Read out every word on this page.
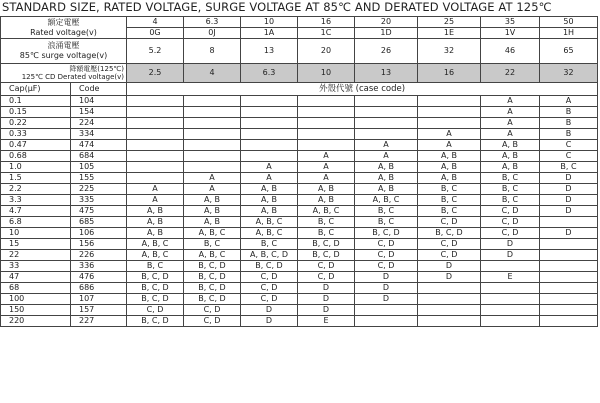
STANDARD SIZE, RATED VOLTAGE, SURGE VOLTAGE AT 85℃ AND DERATED VOLTAGE AT 125℃
額定電壓
Rated voltage(v)		4	6.3	10	16	20	25	35	50
		0G	0J	1A	1C	1D	1E	1V	1H

浪涌電壓
85℃ surge voltage(v)		5.2	8	13	20	26	32	46	65

降額電壓(125℃)
125℃ CD Derated voltage(v)		2.5	4	6.3	10	13	16	22	32
Cap(μF)	Code	外殼代號 (case code)							
0.1	104							A	A
0.15	154							A	B
0.22	224							A	B
0.33	334						A	A	B
0.47	474					A	A	A, B	C
0.68	684				A	A	A, B	A, B	C
1.0	105			A	A	A, B	A, B	A, B	B, C
1.5	155		A	A	A	A, B	A, B	B, C	D
2.2	225	A	A	A, B	A, B	A, B	B, C	B, C	D
3.3	335	A	A, B	A, B	A, B	A, B, C	B, C	B, C	D
4.7	475	A, B	A, B	A, B	A, B, C	B, C	B, C	C, D	D
6.8	685	A, B	A, B	A, B, C	B, C	B, C	C, D	C, D	
10	106	A, B	A, B, C	A, B, C	B, C	B, C, D	B, C, D	C, D	D
15	156	A, B, C	B, C	B, C	B, C, D	C, D	C, D	D	
22	226	A, B, C	A, B, C	A, B, C, D	B, C, D	C, D	C, D	D	
33	336	B, C	B, C, D	B, C, D	C, D	C, D	D		
47	476	B, C, D	B, C, D	C, D	C, D	D	D	E	
68	686	B, C, D	B, C, D	C, D	D	D			
100	107	B, C, D	B, C, D	C, D	D	D			
150	157	C, D	C, D	D	D				
220	227	B, C, D	C, D	D	E				
